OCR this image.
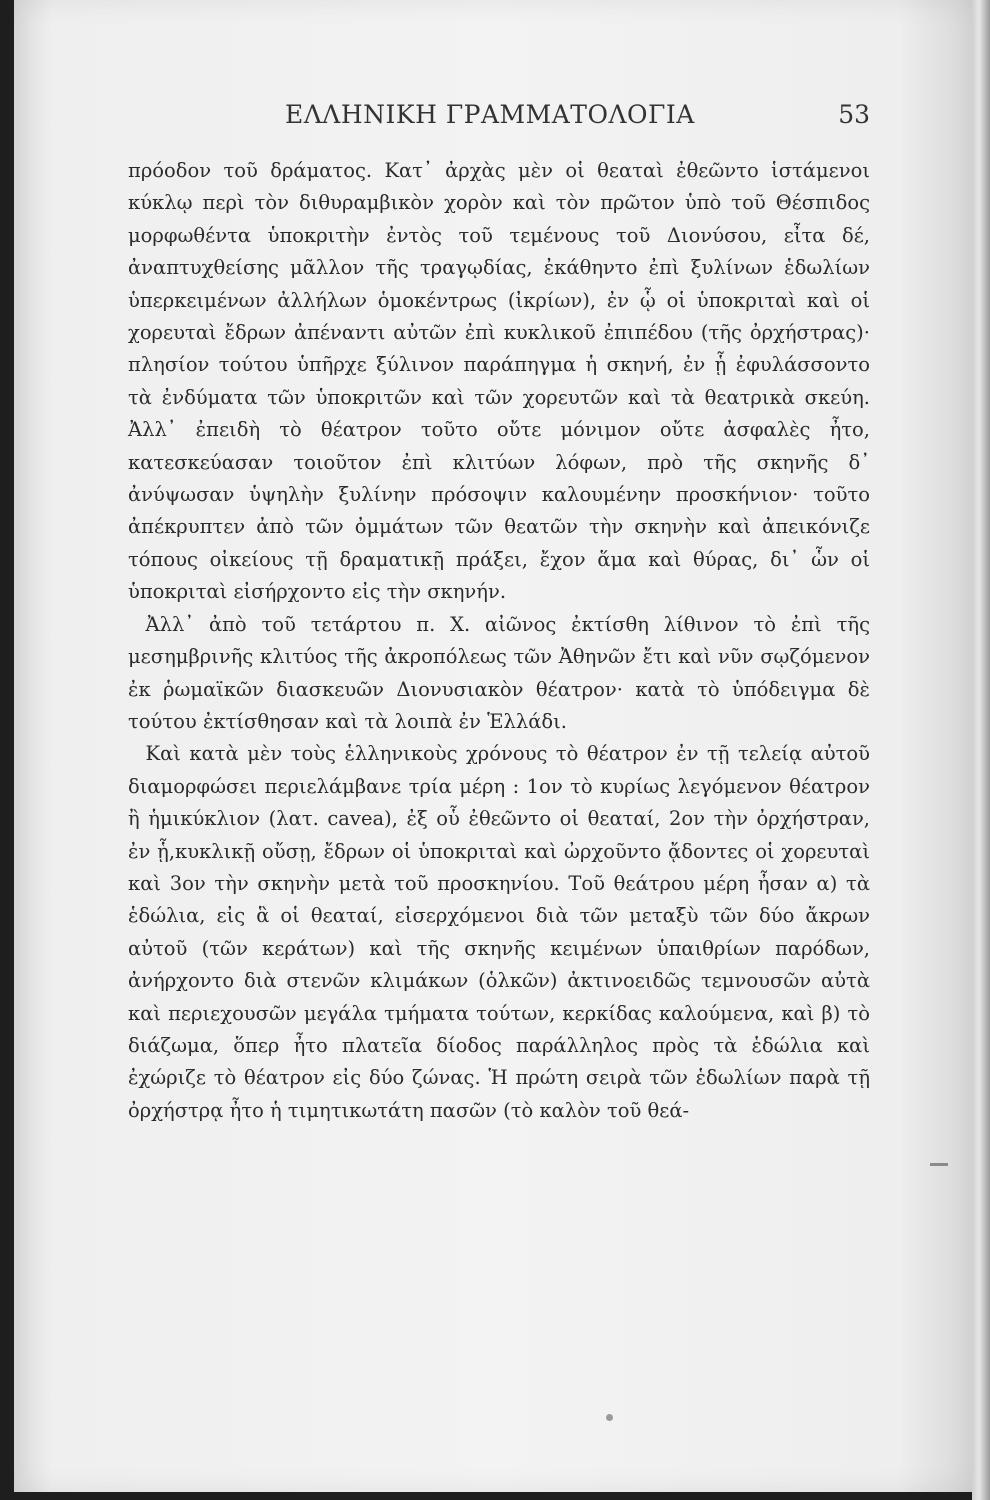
ΕΛΛΗΝΙΚΗ ΓΡΑΜΜΑΤΟΛΟΓΙΑ	53

πρόοδον τοῦ δράματος. Κατ᾽ ἀρχὰς μὲν οἱ θεαταὶ ἐθεῶντο ἱστάμενοι κύκλῳ περὶ τὸν διθυραμβικὸν χορὸν καὶ τὸν πρῶτον ὑπὸ τοῦ Θέσπιδος μορφωθέντα ὑποκριτὴν ἐντὸς τοῦ τεμένους τοῦ Διονύσου, εἶτα δέ, ἀναπτυχθείσης μᾶλλον τῆς τραγῳδίας, ἐκάθηντο ἐπὶ ξυλίνων ἑδωλίων ὑπερκειμένων ἀλλήλων ὁμοκέντρως (ἰκρίων), ἐν ᾧ οἱ ὑποκριταὶ καὶ οἱ χορευταὶ ἔδρων ἀπέναντι αὐτῶν ἐπὶ κυκλικοῦ ἐπιπέδου (τῆς ὀρχήστρας)· πλησίον τούτου ὑπῆρχε ξύλινον παράπηγμα ἡ σκηνή, ἐν ᾗ ἐφυλάσσοντο τὰ ἐνδύματα τῶν ὑποκριτῶν καὶ τῶν χορευτῶν καὶ τὰ θεατρικὰ σκεύη. Ἀλλ᾽ ἐπειδὴ τὸ θέατρον τοῦτο οὔτε μόνιμον οὔτε ἀσφαλὲς ἦτο, κατεσκεύασαν τοιοῦτον ἐπὶ κλιτύων λόφων, πρὸ τῆς σκηνῆς δ᾽ ἀνύψωσαν ὑψηλὴν ξυλίνην πρόσοψιν καλουμένην προσκήνιον· τοῦτο ἀπέκρυπτεν ἀπὸ τῶν ὀμμάτων τῶν θεατῶν τὴν σκηνὴν καὶ ἀπεικόνιζε τόπους οἰκείους τῇ δραματικῇ πράξει, ἔχον ἅμα καὶ θύρας, δι᾽ ὧν οἱ ὑποκριταὶ εἰσήρχοντο εἰς τὴν σκηνήν.

Ἀλλ᾽ ἀπὸ τοῦ τετάρτου π. Χ. αἰῶνος ἐκτίσθη λίθινον τὸ ἐπὶ τῆς μεσημβρινῆς κλιτύος τῆς ἀκροπόλεως τῶν Ἀθηνῶν ἔτι καὶ νῦν σῳζόμενον ἐκ ῥωμαϊκῶν διασκευῶν Διονυσιακὸν θέατρον· κατὰ τὸ ὑπόδειγμα δὲ τούτου ἐκτίσθησαν καὶ τὰ λοιπὰ ἐν Ἑλλάδι.

Καὶ κατὰ μὲν τοὺς ἑλληνικοὺς χρόνους τὸ θέατρον ἐν τῇ τελείᾳ αὐτοῦ διαμορφώσει περιελάμβανε τρία μέρη : 1ον τὸ κυρίως λεγόμενον θέατρον ἢ ἡμικύκλιον (λατ. cavea), ἐξ οὗ ἐθεῶντο οἱ θεαταί, 2ον τὴν ὀρχήστραν, ἐν ᾗ,κυκλικῇ οὔσῃ, ἔδρων οἱ ὑποκριταὶ καὶ ὠρχοῦντο ᾄδοντες οἱ χορευταὶ καὶ 3ον τὴν σκηνὴν μετὰ τοῦ προσκηνίου. Τοῦ θεάτρου μέρη ἦσαν α) τὰ ἑδώλια, εἰς ἃ οἱ θεαταί, εἰσερχόμενοι διὰ τῶν μεταξὺ τῶν δύο ἄκρων αὐτοῦ (τῶν κεράτων) καὶ τῆς σκηνῆς κειμένων ὑπαιθρίων παρόδων, ἀνήρχοντο διὰ στενῶν κλιμάκων (ὁλκῶν) ἀκτινοειδῶς τεμνουσῶν αὐτὰ καὶ περιεχουσῶν μεγάλα τμήματα τούτων, κερκίδας καλούμενα, καὶ β) τὸ διάζωμα, ὅπερ ἦτο πλατεῖα δίοδος παράλληλος πρὸς τὰ ἑδώλια καὶ ἐχώριζε τὸ θέατρον εἰς δύο ζώνας. Ἡ πρώτη σειρὰ τῶν ἑδωλίων παρὰ τῇ ὀρχήστρᾳ ἦτο ἡ τιμητικωτάτη πασῶν (τὸ καλὸν τοῦ θεά-
